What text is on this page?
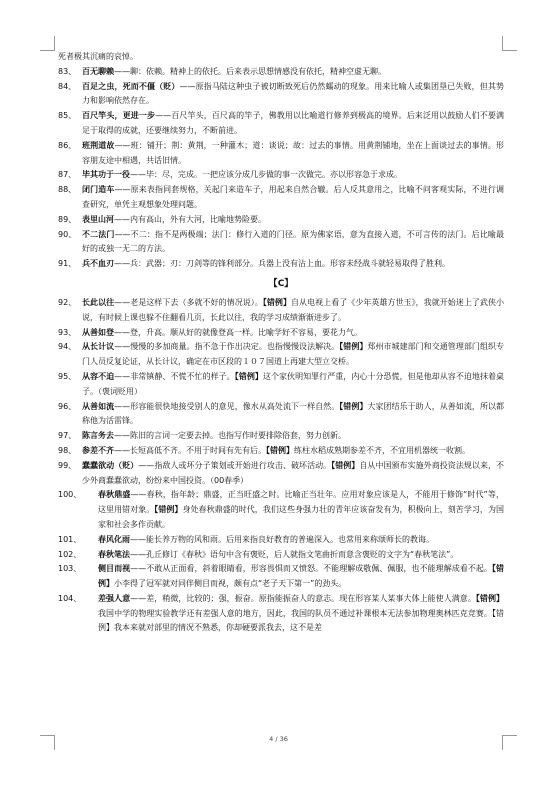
死者极其沉痛的哀悼。

83、 百无聊赖——聊：依赖。精神上的依托。后来表示思想情感没有依托，精神空虚无聊。
84、 百足之虫，死而不僵（贬）——原指马陆这种虫子被切断致死后仍然蠕动的现象。用来比喻人或集团垦已失败，但其势力和影响依然存在。
85、 百尺竿头，更进一步——百尺竿头，百尺高的竿子，佛教用以比喻道行修养到极高的境界。后来泛用以鼓励人们不要满足于取得的成就，还要继续努力，不断前进。
86、 班荆道故——班：铺开；荆：黄荆，一种灌木；道：谈说；故：过去的事情。用黄荆铺地，坐在上面谈过去的事情。形容朋友途中相遇，共话旧情。
87、 毕其功于一役——毕：尽，完成。一把应该分成几步做的事一次做完。亦以形容急于求成。
88、 闭门造车——原来表指同套规格，关起门来造车子，用起来自然合辙。后人反其意用之，比喻不问客观实际，不进行调查研究，单凭主观想象处理问题。
89、 表里山河——内有高山，外有大河，比喻地势险要。
90、 不二法门——不二：指不是两极端；法门：修行入道的门径。原为佛家语，意为直接入道，不可言传的法门。后比喻最好的或独一无二的方法。
91、 兵不血刃——兵：武器；刃：刀剑等的锋利部分。兵器上没有沾上血。形容未经战斗就轻易取得了胜利。
【C】
92、 长此以往——老是这样下去（多就不好的情况说）。【错例】自从电视上看了《少年英雄方世玉》，我就开始迷上了武侠小说，有时候上课也躲不住翻看几页，长此以往，我的学习成绩渐渐进步了。
93、 从善如登——登，升高。顺从好的就像登高一样。比喻学好不容易，要花力气。
94、 从长计议——慢慢的多加商量。指不急于作出决定。也指慢慢设法解决。【错例】郑州市城建部门和交通管理部门组织专门人员反复论证，从长计议，确定在市区段的１０７国道上再建大型立交桥。
95、 从容不迫——非常镇静、不慌不忙的样子。【错例】这个家伙明知罪行严重，内心十分恐慌，但是他却从容不迫地抹着桌子。（褒词贬用）
96、 从善如流——形容能很快地接受别人的意见，像水从高处流下一样自然。【错例】大家团结乐于助人，从善如流，所以都称他为活雷锋。
97、 陈言务去——陈旧的言词一定要去掉。也指写作时要排除俗套，努力创新。
98、 参差不齐——长短高低不齐。不用于时间有先有后。【错例】练柱水稻成熟期参差不齐，不宜用机器统一收割。
99、 蠢蠢欲动（贬）——指敌人或坏分子策划或开始进行攻击、破坏活动。【错例】自从中国颁布实施外商投资法规以来，不少外商蠢蠢欲动，纷纷来中国投资。（00春季）
100、	春秋鼎盛——春秋，指年龄；鼎盛，正当旺盛之时。比喻正当壮年。应用对象应该是人，不能用于修饰“时代”等，这里用错对象。【错例】身处春秋鼎盛的时代，我们这些身强力壮的青年应该奋发有为，积极向上，刻苦学习，为国家和社会多作贡献。
101、	春风化雨——能长养万物的风和雨。后用来指良好教育的普遍深入。也常用来称颂师长的教诲。
102、	春秋笔法——孔丘修订《春秋》语句中含有褒贬，后人就指文笔曲折而意含褒贬的文字为“春秋笔法”。
103、	侧目而视——不敢从正面看，斜着眼睛看，形容畏惧而又愤怒。不能理解成敬佩、佩服，也不能理解成看不起。【错例】小李得了冠军就对同伴侧目而视，颇有点“老子天下第一”的劲头。
104、	差强人意——差，稍微，比较的；强，振奋。原指能振奋人的意志。现在形容某人某事大体上能使人满意。【错例】我国中学的物理实验教学还有差强人意的地方，因此，我国的队员不通过补课根本无法参加物理奥林匹克竞赛。【错例】我本来就对部里的情况不熟悉，你却硬要派我去，这不是差
4 / 36
